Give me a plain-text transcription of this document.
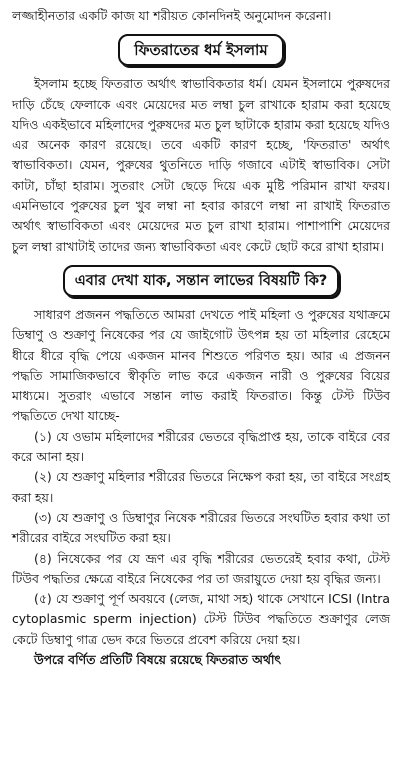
লজ্জাহীনতার একটি কাজ যা শরীয়ত কোনদিনই অনুমোদন করেনা।

ফিতরাতের ধর্ম ইসলাম

ইসলাম হচ্ছে ফিতরাত অর্থাৎ স্বাভাবিকতার ধর্ম। যেমন ইসলামে পুরুষদের দাড়ি চেঁছে ফেলাকে এবং মেয়েদের মত লম্বা চুল রাখাকে হারাম করা হয়েছে যদিও একইভাবে মহিলাদের পুরুষদের মত চুল ছাটাকে হারাম করা হয়েছে যদিও এর অনেক কারণ রয়েছে। তবে একটি কারণ হচ্ছে, 'ফিতরাত' অর্থাৎ স্বাভাবিকতা। যেমন, পুরুষের থুতনিতে দাড়ি গজাবে এটাই স্বাভাবিক। সেটা কাটা, চাঁছা হারাম। সুতরাং সেটা ছেড়ে দিয়ে এক মুষ্টি পরিমান রাখা ফরয। এমনিভাবে পুরুষের চুল খুব লম্বা না হবার কারণে লম্বা না রাখাই ফিতরাত অর্থাৎ স্বাভাবিকতা এবং মেয়েদের মত চুল রাখা হারাম। পাশাপাশি মেয়েদের চুল লম্বা রাখাটাই তাদের জন্য স্বাভাবিকতা এবং কেটে ছোট করে রাখা হারাম।

এবার দেখা যাক, সন্তান লাভের বিষয়টি কি?

সাধারণ প্রজনন পদ্ধতিতে আমরা দেখতে পাই মহিলা ও পুরুষের যথাক্রমে ডিম্বাণু ও শুক্রাণু নিষেকের পর যে জাইগোট উৎপন্ন হয় তা মহিলার রেহেমে ধীরে ধীরে বৃদ্ধি পেয়ে একজন মানব শিশুতে পরিণত হয়। আর এ প্রজনন পদ্ধতি সামাজিকভাবে স্বীকৃতি লাভ করে একজন নারী ও পুরুষের বিয়ের মাধ্যমে। সুতরাং এভাবে সন্তান লাভ করাই ফিতরাত। কিন্তু টেস্ট টিউব পদ্ধতিতে দেখা যাচ্ছে-

(১) যে ওভাম মহিলাদের শরীরের ভেতরে বৃদ্ধিপ্রাপ্ত হয়, তাকে বাইরে বের করে আনা হয়।

(২) যে শুক্রাণু মহিলার শরীরের ভিতরে নিক্ষেপ করা হয়, তা বাইরে সংগ্রহ করা হয়।

(৩) যে শুক্রাণু ও ডিম্বাণুর নিষেক শরীরের ভিতরে সংঘটিত হবার কথা তা শরীরের বাইরে সংঘটিত করা হয়।

(৪) নিষেকের পর যে ভ্রূণ এর বৃদ্ধি শরীরের ভেতরেই হবার কথা, টেস্ট টিউব পদ্ধতির ক্ষেত্রে বাইরে নিষেকের পর তা জরায়ুতে দেয়া হয় বৃদ্ধির জন্য।

(৫) যে শুক্রাণু পূর্ণ অবয়বে (লেজ, মাথা সহ) থাকে সেখানে ICSI (Intra cytoplasmic sperm injection) টেস্ট টিউব পদ্ধতিতে শুক্রাণুর লেজ কেটে ডিম্বাণু গাত্র ভেদ করে ভিতরে প্রবেশ করিয়ে দেয়া হয়।

উপরে বর্ণিত প্রতিটি বিষয়ে রয়েছে ফিতরাত অর্থাৎ
